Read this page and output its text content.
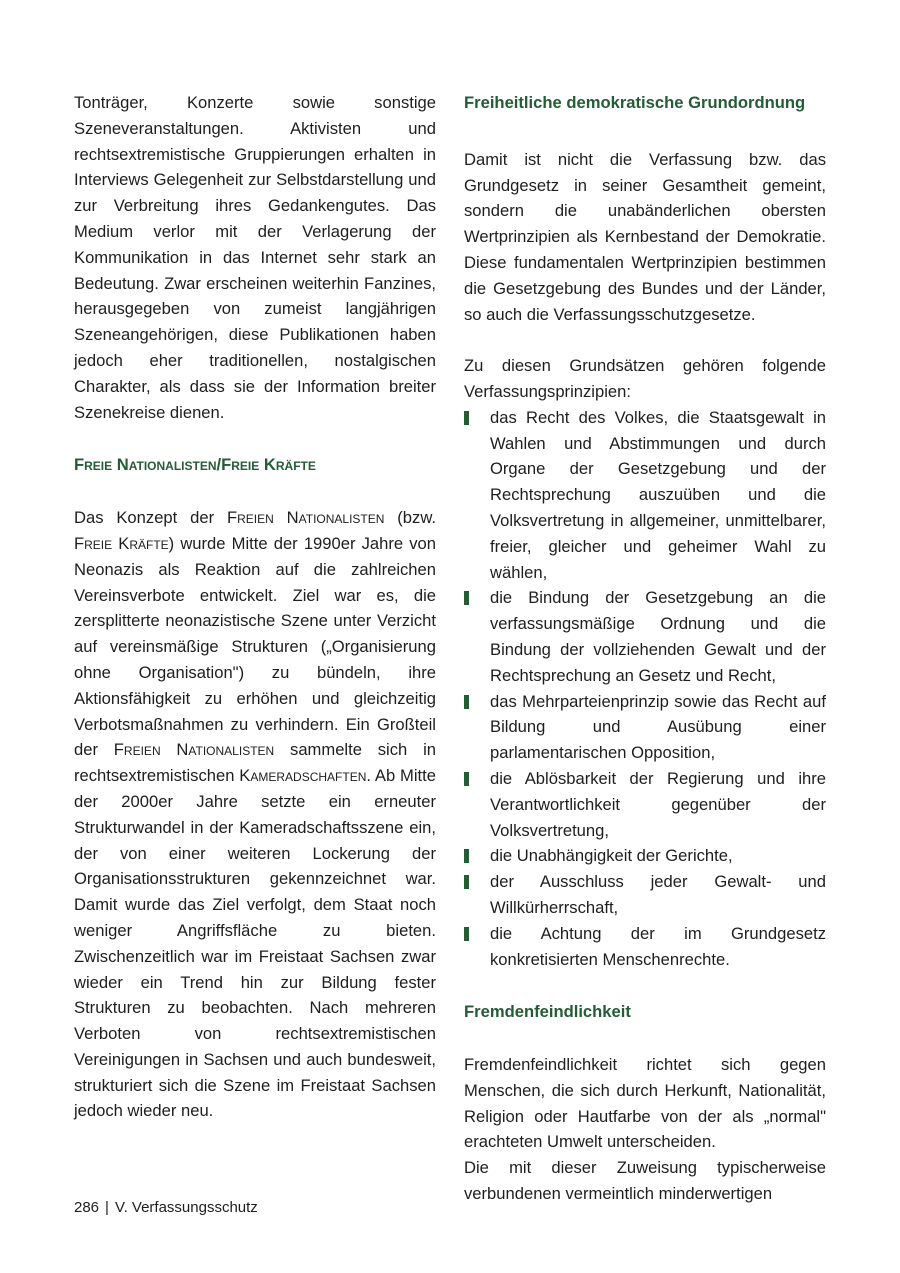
Tonträger, Konzerte sowie sonstige Szeneveranstaltungen. Aktivisten und rechtsextremistische Gruppierungen erhalten in Interviews Gelegenheit zur Selbstdarstellung und zur Verbreitung ihres Gedankengutes. Das Medium verlor mit der Verlagerung der Kommunikation in das Internet sehr stark an Bedeutung. Zwar erscheinen weiterhin Fanzines, herausgegeben von zumeist langjährigen Szeneangehörigen, diese Publikationen haben jedoch eher traditionellen, nostalgischen Charakter, als dass sie der Information breiter Szenekreise dienen.

Freie Nationalisten/Freie Kräfte

Das Konzept der Freien Nationalisten (bzw. Freie Kräfte) wurde Mitte der 1990er Jahre von Neonazis als Reaktion auf die zahlreichen Vereinsverbote entwickelt. Ziel war es, die zersplitterte neonazistische Szene unter Verzicht auf vereinsmäßige Strukturen („Organisierung ohne Organisation") zu bündeln, ihre Aktionsfähigkeit zu erhöhen und gleichzeitig Verbotsmaßnahmen zu verhindern. Ein Großteil der Freien Nationalisten sammelte sich in rechtsextremistischen Kameradschaften. Ab Mitte der 2000er Jahre setzte ein erneuter Strukturwandel in der Kameradschaftsszene ein, der von einer weiteren Lockerung der Organisationsstrukturen gekennzeichnet war. Damit wurde das Ziel verfolgt, dem Staat noch weniger Angriffsfläche zu bieten. Zwischenzeitlich war im Freistaat Sachsen zwar wieder ein Trend hin zur Bildung fester Strukturen zu beobachten. Nach mehreren Verboten von rechtsextremistischen Vereinigungen in Sachsen und auch bundesweit, strukturiert sich die Szene im Freistaat Sachsen jedoch wieder neu.

Freiheitliche demokratische Grundordnung

Damit ist nicht die Verfassung bzw. das Grundgesetz in seiner Gesamtheit gemeint, sondern die unabänderlichen obersten Wertprinzipien als Kernbestand der Demokratie. Diese fundamentalen Wertprinzipien bestimmen die Gesetzgebung des Bundes und der Länder, so auch die Verfassungsschutzgesetze.

Zu diesen Grundsätzen gehören folgende Verfassungsprinzipien:

das Recht des Volkes, die Staatsgewalt in Wahlen und Abstimmungen und durch Organe der Gesetzgebung und der Rechtsprechung auszuüben und die Volksvertretung in allgemeiner, unmittelbarer, freier, gleicher und geheimer Wahl zu wählen,
die Bindung der Gesetzgebung an die verfassungsmäßige Ordnung und die Bindung der vollziehenden Gewalt und der Rechtsprechung an Gesetz und Recht,
das Mehrparteienprinzip sowie das Recht auf Bildung und Ausübung einer parlamentarischen Opposition,
die Ablösbarkeit der Regierung und ihre Verantwortlichkeit gegenüber der Volksvertretung,
die Unabhängigkeit der Gerichte,
der Ausschluss jeder Gewalt- und Willkürherrschaft,
die Achtung der im Grundgesetz konkretisierten Menschenrechte.
Fremdenfeindlichkeit

Fremdenfeindlichkeit richtet sich gegen Menschen, die sich durch Herkunft, Nationalität, Religion oder Hautfarbe von der als „normal" erachteten Umwelt unterscheiden.

Die mit dieser Zuweisung typischerweise verbundenen vermeintlich minderwertigen

286 | V. Verfassungsschutz
